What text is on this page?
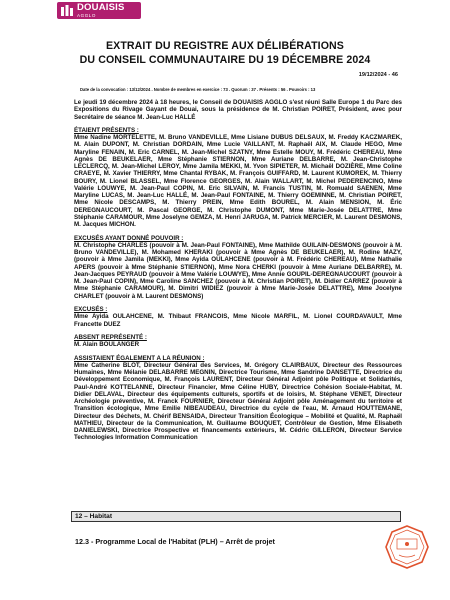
DOUAISIS
AGGLO
EXTRAIT DU REGISTRE AUX DÉLIBÉRATIONS
DU CONSEIL COMMUNAUTAIRE DU 19 DÉCEMBRE 2024
19/12/2024 - 46
Date de la convocation : 13/12/2024 . Nombre de membres en exercice : 73 . Quorum : 37 . Présents : 56 . Pouvoirs : 13

Le jeudi 19 décembre 2024 à 18 heures, le Conseil de DOUAISIS AGGLO s'est réuni Salle Europe 1 du Parc des Expositions du Rivage Gayant de Douai, sous la présidence de M. Christian POIRET, Président, avec pour Secrétaire de séance M. Jean-Luc HALLÉ

ÉTAIENT PRÉSENTS :

Mme Nadine MORTELETTE, M. Bruno VANDEVILLE, Mme Lisiane DUBUS DELSAUX, M. Freddy KACZMAREK, M. Alain DUPONT, M. Christian DORDAIN, Mme Lucie VAILLANT, M. Raphaël AIX, M. Claude HEGO, Mme Maryline FENAIN, M. Eric CARNEL, M. Jean-Michel SZATNY, Mme Estelle MOUY, M. Frédéric CHEREAU, Mme Agnès DE BEUKELAER, Mme Stéphanie STIERNON, Mme Auriane DELBARRE, M. Jean-Christophe LECLERCQ, M. Jean-Michel LEROY, Mme Jamila MEKKI, M. Yvon SIPIETER, M. Michaël DOZIÈRE, Mme Coline CRAEYE, M. Xavier THIERRY, Mme Chantal RYBAK, M. François GUIFFARD, M. Laurent KUMOREK, M. Thierry BOURY, M. Lionel BLASSEL, Mme Florence GEORGES, M. Alain WALLART, M. Michel PEDERENCINO, Mme Valérie LOUWYE, M. Jean-Paul COPIN, M. Eric SILVAIN, M. Francis TUSTIN, M. Romuald SAENEN, Mme Maryline LUCAS, M. Jean-Luc HALLÉ, M. Jean-Paul FONTAINE, M. Thierry GOEMINNE, M. Christian POIRET, Mme Nicole DESCAMPS, M. Thierry PREIN, Mme Edith BOUREL, M. Alain MENSION, M. Éric DEREGNAUCOURT, M. Pascal GEORGE, M. Christophe DUMONT, Mme Marie-Josée DELATTRE, Mme Stéphanie CARAMOUR, Mme Joselyne GEMZA, M. Henri JARUGA, M. Patrick MERCIER, M. Laurent DESMONS, M. Jacques MICHON.

EXCUSÉS AYANT DONNÉ POUVOIR :

M. Christophe CHARLES (pouvoir à M. Jean-Paul FONTAINE), Mme Mathilde GUILAIN-DESMONS (pouvoir à M. Bruno VANDEVILLE), M. Mohamed KHERAKI (pouvoir à Mme Agnès DE BEUKELAER), M. Rodine MAZY, (pouvoir à Mme Jamila (MEKKI), Mme Ayida OULAHCENE (pouvoir à M. Frédéric CHEREAU), Mme Nathalie APERS (pouvoir à Mme Stéphanie STIERNON), Mme Nora CHERKI (pouvoir à Mme Auriane DELBARRE), M. Jean-Jacques PEYRAUD (pouvoir à Mme Valérie LOUWYE), Mme Annie GOUPIL-DEREGNAUCOURT (pouvoir à M. Jean-Paul COPIN), Mme Caroline SANCHEZ (pouvoir à M. Christian POIRET), M. Didier CARREZ (pouvoir à Mme Stéphanie CARAMOUR), M. Dimitri WIDIEZ (pouvoir à Mme Marie-Josée DELATTRE), Mme Jocelyne CHARLET (pouvoir à M. Laurent DESMONS)

EXCUSÉS :

Mme Ayida OULAHCENE, M. Thibaut FRANCOIS, Mme Nicole MARFIL, M. Lionel COURDAVAULT, Mme Francette DUEZ

ABSENT REPRÉSENTÉ :

M. Alain BOULANGER

ASSISTAIENT ÉGALEMENT A LA RÉUNION :

Mme Catherine BLOT, Directeur Général des Services, M. Grégory CLAIRBAUX, Directeur des Ressources Humaines, Mme Mélanie DELABARRE MEGNIN, Directrice Tourisme, Mme Sandrine DANSETTE, Directrice du Développement Economique, M. François LAURENT, Directeur Général Adjoint pôle Politique et Solidarités, Paul-André KOTTELANNE, Directeur Financier, Mme Céline HUBY, Directrice Cohésion Sociale-Habitat, M. Didier DELAVAL, Directeur des équipements culturels, sportifs et de loisirs, M. Stéphane VENET, Directeur Archéologie préventive, M. Franck FOURNIER, Directeur Général Adjoint pôle Aménagement du territoire et Transition écologique, Mme Emilie NIBEAUDEAU, Directrice du cycle de l'eau, M. Arnaud HOUTTEMANE, Directeur des Déchets, M. Chérif BENSAIDA, Directeur Transition Écologique – Mobilité et Qualité, M. Raphaël MATHIEU, Directeur de la Communication, M. Guillaume BOUQUET, Contrôleur de Gestion, Mme Elisabeth DANIELEWSKI, Directrice Prospective et financements extérieurs, M. Cédric GILLERON, Directeur Service Technologies Information Communication

12 – Habitat
12.3 - Programme Local de l'Habitat (PLH) – Arrêt de projet
